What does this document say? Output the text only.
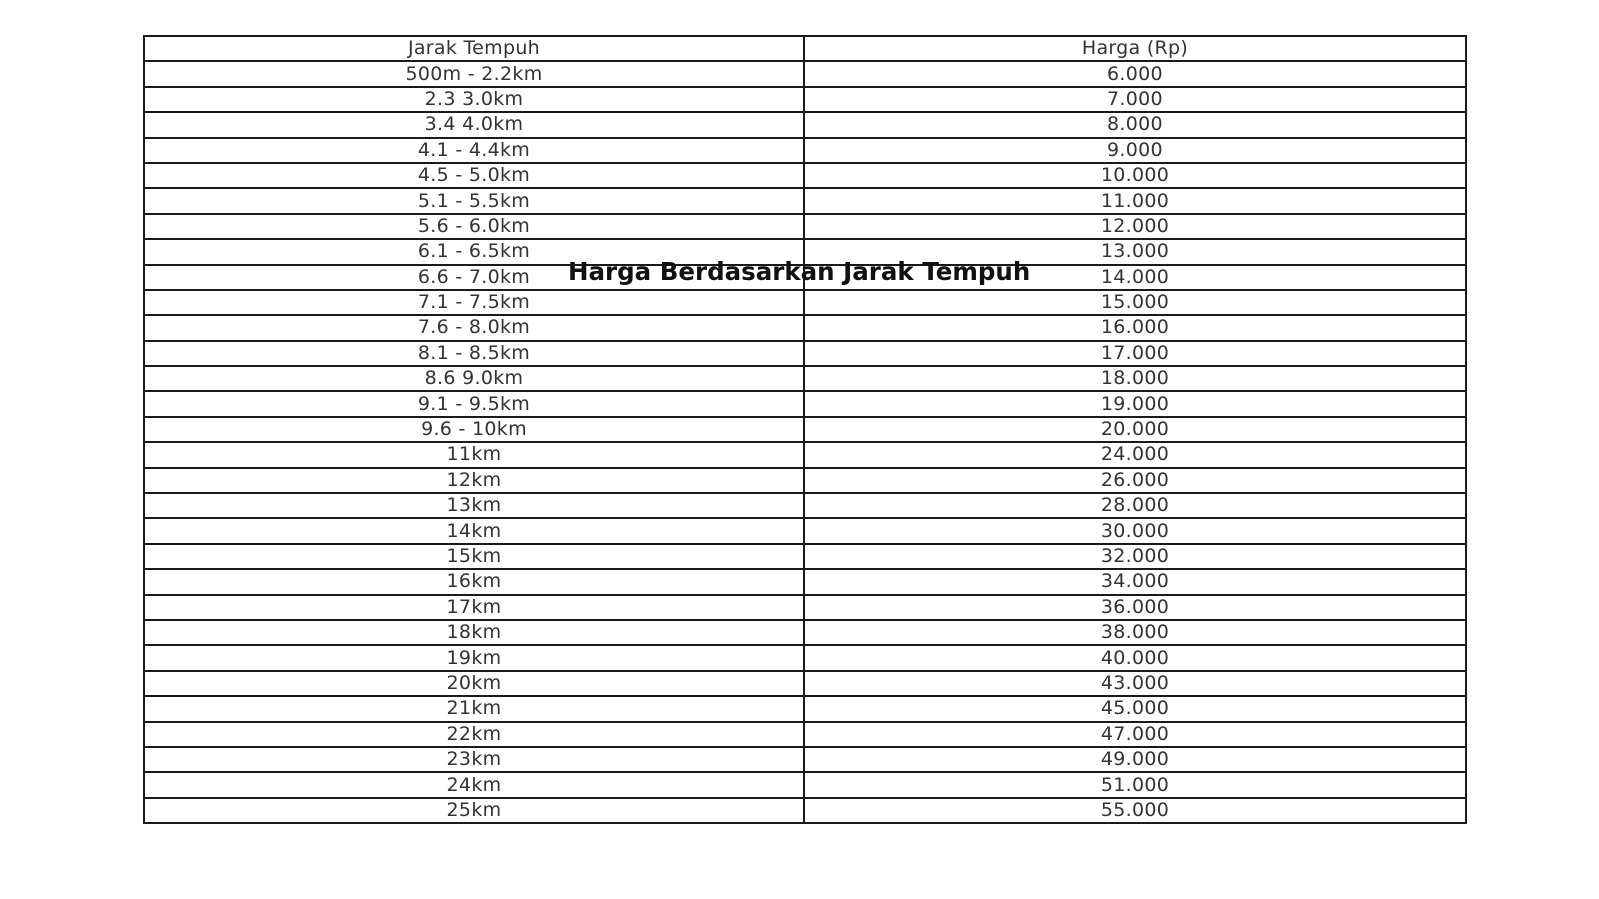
Jarak Tempuh	Harga (Rp)
500m - 2.2km	6.000
2.3 3.0km	7.000
3.4 4.0km	8.000
4.1 - 4.4km	9.000
4.5 - 5.0km	10.000
5.1 - 5.5km	11.000
5.6 - 6.0km	12.000
6.1 - 6.5km	13.000
6.6 - 7.0km	14.000
7.1 - 7.5km	15.000
7.6 - 8.0km	16.000
8.1 - 8.5km	17.000
8.6 9.0km	18.000
9.1 - 9.5km	19.000
9.6 - 10km	20.000
11km	24.000
12km	26.000
13km	28.000
14km	30.000
15km	32.000
16km	34.000
17km	36.000
18km	38.000
19km	40.000
20km	43.000
21km	45.000
22km	47.000
23km	49.000
24km	51.000
25km	55.000
Harga Berdasarkan Jarak Tempuh
